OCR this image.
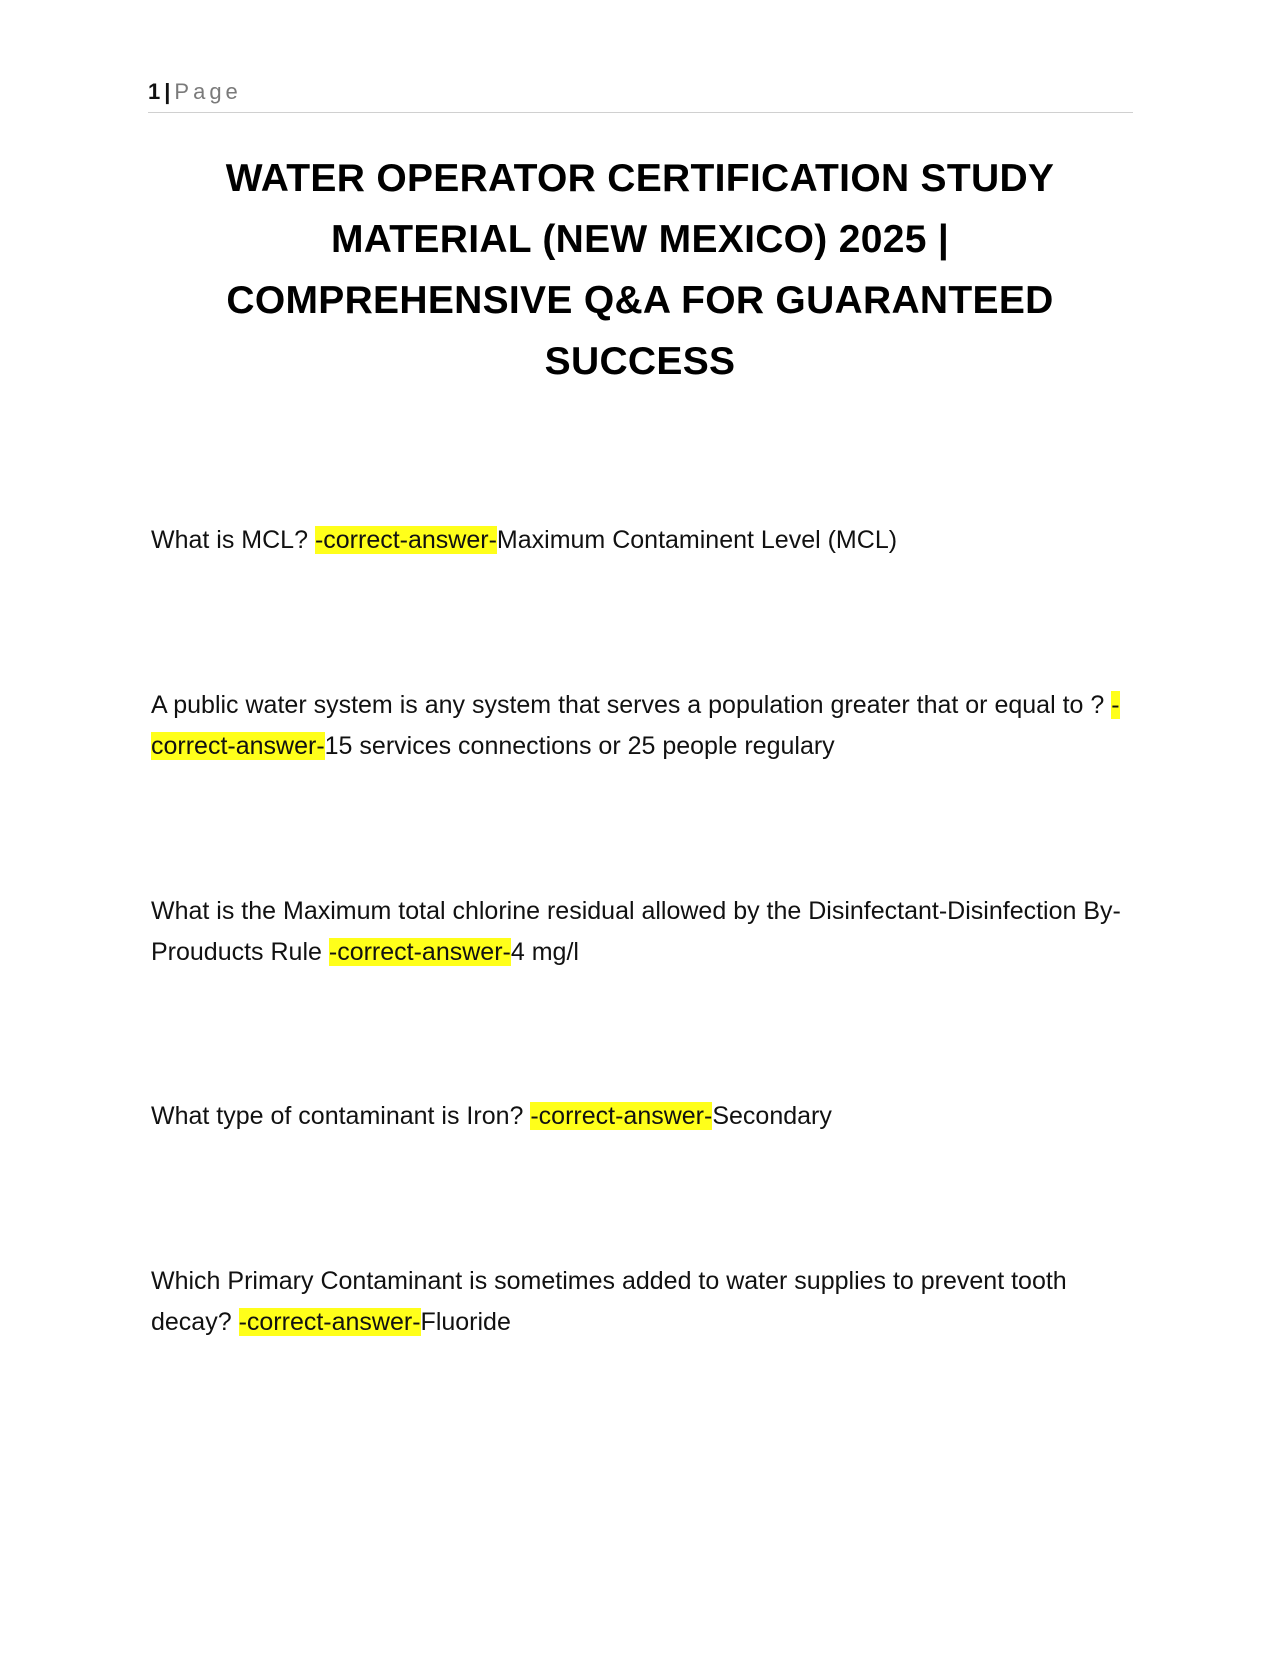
1 | Page
WATER OPERATOR CERTIFICATION STUDY MATERIAL (NEW MEXICO) 2025 | COMPREHENSIVE Q&A FOR GUARANTEED SUCCESS

What is MCL? -correct-answer-Maximum Contaminent Level (MCL)

A public water system is any system that serves a population greater that or equal to ? -correct-answer-15 services connections or 25 people regulary

What is the Maximum total chlorine residual allowed by the Disinfectant-Disinfection By-Prouducts Rule -correct-answer-4 mg/l

What type of contaminant is Iron? -correct-answer-Secondary

Which Primary Contaminant is sometimes added to water supplies to prevent tooth decay? -correct-answer-Fluoride
